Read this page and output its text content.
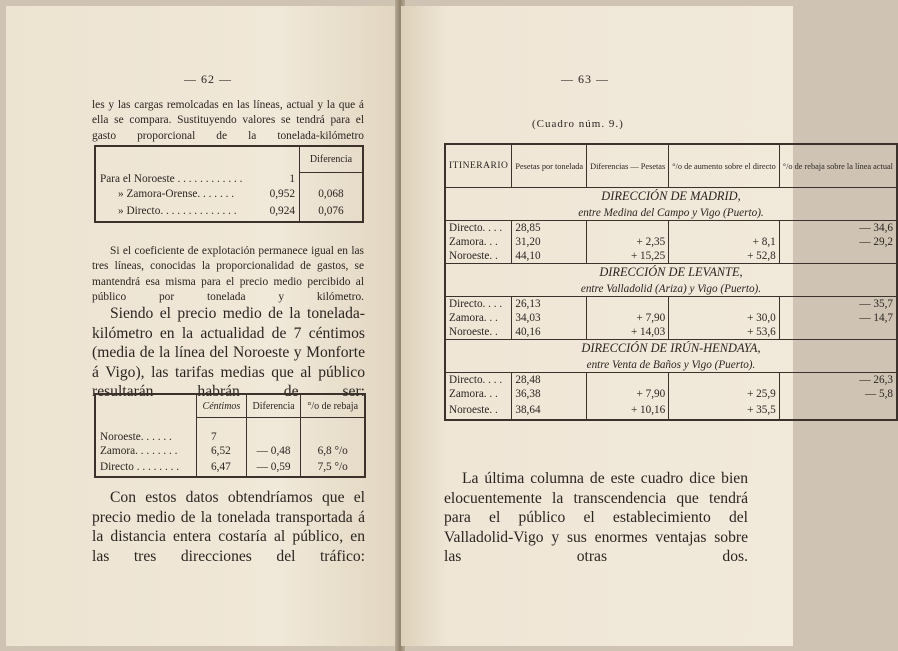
— 62 —

les y las cargas remolcadas en las líneas, actual y la que á ella se compara. Sustituyendo valores se tendrá para el gasto proporcional de la tonelada-kilómetro

	Diferencia
Para el Noroeste . . . . . . . . . . . . 1	

» Zamora-Orense. . . . . . . 0,952	0,068
» Directo. . . . . . . . . . . . . . 0,924	0,076

Si el coeficiente de explotación permanece igual en las tres líneas, conocidas la proporcionalidad de gastos, se mantendrá esa misma para el precio medio percibido al público por tonelada y kilómetro.

Siendo el precio medio de la tonelada-kilómetro en la actualidad de 7 céntimos (media de la línea del Noroeste y Monforte á Vigo), las tarifas medias que al público resultarán habrán de ser:

	Céntimos	Diferencia	°/o de rebaja
Noroeste. . . . . .	7		
Zamora. . . . . . . .	6,52	— 0,48	6,8 °/o
Directo . . . . . . . .	6,47	— 0,59	7,5 °/o

Con estos datos obtendríamos que el precio medio de la tonelada transportada á la distancia entera costaría al público, en las tres direcciones del tráfico:

— 63 —
(Cuadro núm. 9.)
ITINERARIO	Pesetas por tonelada	Diferencias — Pesetas	°/o de aumento sobre el directo	°/o de rebaja sobre la línea actual
DIRECCIÓN DE MADRID,				
entre Medina del Campo y Vigo (Puerto).				
Directo. . . .	28,85			— 34,6
Zamora. . .	31,20	+ 2,35	+ 8,1	— 29,2
Noroeste. .	44,10	+ 15,25	+ 52,8	
DIRECCIÓN DE LEVANTE,				
entre Valladolid (Ariza) y Vigo (Puerto).				
Directo. . . .	26,13			— 35,7
Zamora. . .	34,03	+ 7,90	+ 30,0	— 14,7
Noroeste. .	40,16	+ 14,03	+ 53,6	
DIRECCIÓN DE IRÚN-HENDAYA,				
entre Venta de Baños y Vigo (Puerto).				
Directo. . . .	28,48			— 26,3
Zamora. . .	36,38	+ 7,90	+ 25,9	— 5,8
Noroeste. .	38,64	+ 10,16	+ 35,5	

La última columna de este cuadro dice bien elocuentemente la transcendencia que tendrá para el público el establecimiento del Valladolid-Vigo y sus enormes ventajas sobre las otras dos.
